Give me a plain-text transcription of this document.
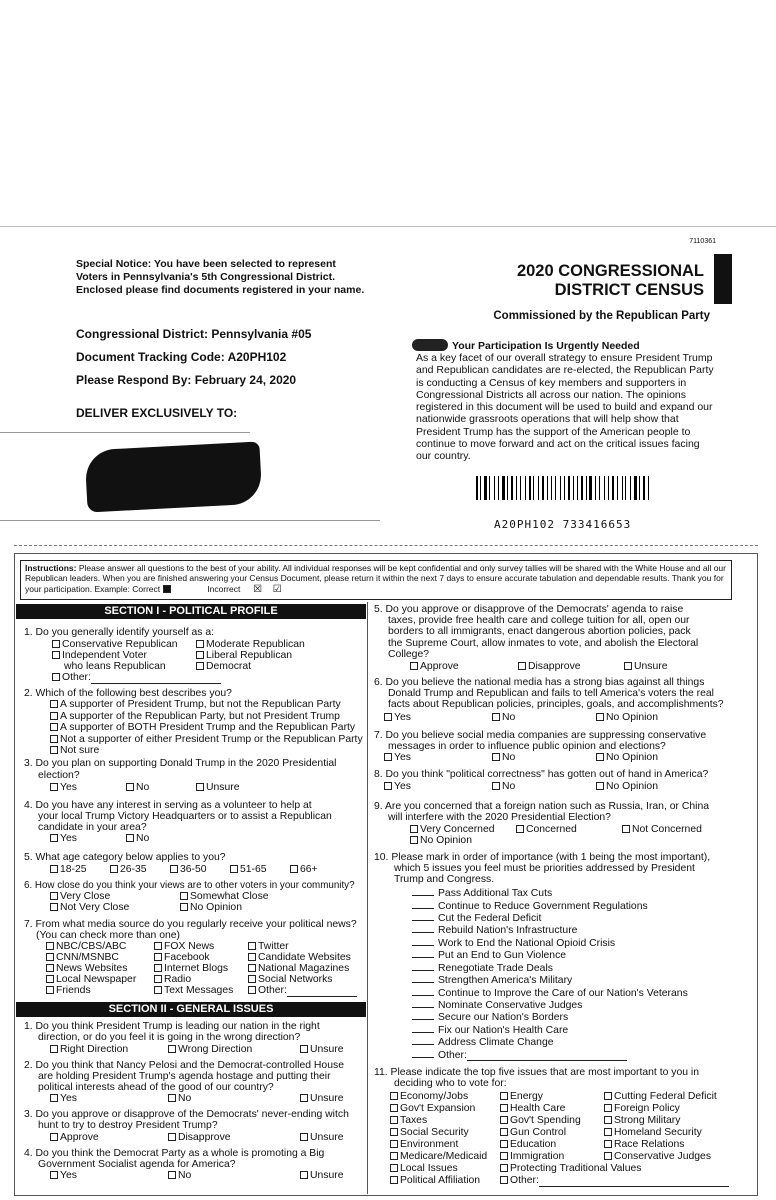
7110361
Special Notice: You have been selected to represent
Voters in Pennsylvania's 5th Congressional District.
Enclosed please find documents registered in your name.
2020 CONGRESSIONAL
DISTRICT CENSUS
Commissioned by the Republican Party
Congressional District: Pennsylvania #05
Document Tracking Code: A20PH102
Please Respond By: February 24, 2020
DELIVER EXCLUSIVELY TO:
Your Participation Is Urgently Needed
As a key facet of our overall strategy to ensure President Trump and Republican candidates are re-elected, the Republican Party is conducting a Census of key members and supporters in Congressional Districts all across our nation. The opinions registered in this document will be used to build and expand our nationwide grassroots operations that will help show that President Trump has the support of the American people to continue to move forward and act on the critical issues facing our country.
A20PH102 733416653
Instructions: Please answer all questions to the best of your ability. All individual responses will be kept confidential and only survey tallies will be shared with the White House and all our Republican leaders. When you are finished answering your Census Document, please return it within the next 7 days to ensure accurate tabulation and dependable results. Thank you for your participation. Example: Correct	Incorrect ☒ ☑
SECTION I - POLITICAL PROFILE
1. Do you generally identify yourself as a:
Conservative Republican	Moderate Republican
Independent Voter	Liberal Republican
who leans Republican	Democrat
Other:
2. Which of the following best describes you?
A supporter of President Trump, but not the Republican Party
A supporter of the Republican Party, but not President Trump
A supporter of BOTH President Trump and the Republican Party
Not a supporter of either President Trump or the Republican Party
Not sure
3. Do you plan on supporting Donald Trump in the 2020 Presidential
election?
Yes	No	Unsure
4. Do you have any interest in serving as a volunteer to help at
your local Trump Victory Headquarters or to assist a Republican
candidate in your area?
Yes	No
5. What age category below applies to you?
18-25	26-35	36-50	51-65	66+
6. How close do you think your views are to other voters in your community?
Very Close	Somewhat Close
Not Very Close	No Opinion
7. From what media source do you regularly receive your political news?
(You can check more than one)
NBC/CBS/ABC	FOX News	Twitter
CNN/MSNBC	Facebook	Candidate Websites
News Websites	Internet Blogs	National Magazines
Local Newspaper	Radio	Social Networks
Friends	Text Messages	Other:
SECTION II - GENERAL ISSUES
1. Do you think President Trump is leading our nation in the right
direction, or do you feel it is going in the wrong direction?
Right Direction	Wrong Direction	Unsure
2. Do you think that Nancy Pelosi and the Democrat-controlled House
are holding President Trump's agenda hostage and putting their
political interests ahead of the good of our country?
Yes	No	Unsure
3. Do you approve or disapprove of the Democrats' never-ending witch
hunt to try to destroy President Trump?
Approve	Disapprove	Unsure
4. Do you think the Democrat Party as a whole is promoting a Big
Government Socialist agenda for America?
Yes	No	Unsure
5. Do you approve or disapprove of the Democrats' agenda to raise
taxes, provide free health care and college tuition for all, open our
borders to all immigrants, enact dangerous abortion policies, pack
the Supreme Court, allow inmates to vote, and abolish the Electoral
College?
Approve	Disapprove	Unsure
6. Do you believe the national media has a strong bias against all things
Donald Trump and Republican and fails to tell America's voters the real
facts about Republican policies, principles, goals, and accomplishments?
Yes	No	No Opinion
7. Do you believe social media companies are suppressing conservative
messages in order to influence public opinion and elections?
Yes	No	No Opinion
8. Do you think "political correctness" has gotten out of hand in America?
Yes	No	No Opinion
9. Are you concerned that a foreign nation such as Russia, Iran, or China
will interfere with the 2020 Presidential Election?
Very Concerned	Concerned	Not Concerned
No Opinion
10. Please mark in order of importance (with 1 being the most important),
which 5 issues you feel must be priorities addressed by President
Trump and Congress.
Pass Additional Tax Cuts
Continue to Reduce Government Regulations
Cut the Federal Deficit
Rebuild Nation's Infrastructure
Work to End the National Opioid Crisis
Put an End to Gun Violence
Renegotiate Trade Deals
Strengthen America's Military
Continue to Improve the Care of our Nation's Veterans
Nominate Conservative Judges
Secure our Nation's Borders
Fix our Nation's Health Care
Address Climate Change
Other:
11. Please indicate the top five issues that are most important to you in
deciding who to vote for:
Economy/Jobs	Energy	Cutting Federal Deficit
Gov't Expansion	Health Care	Foreign Policy
Taxes	Gov't Spending	Strong Military
Social Security	Gun Control	Homeland Security
Environment	Education	Race Relations
Medicare/Medicaid	Immigration	Conservative Judges
Local Issues	Protecting Traditional Values
Political Affiliation	Other:
